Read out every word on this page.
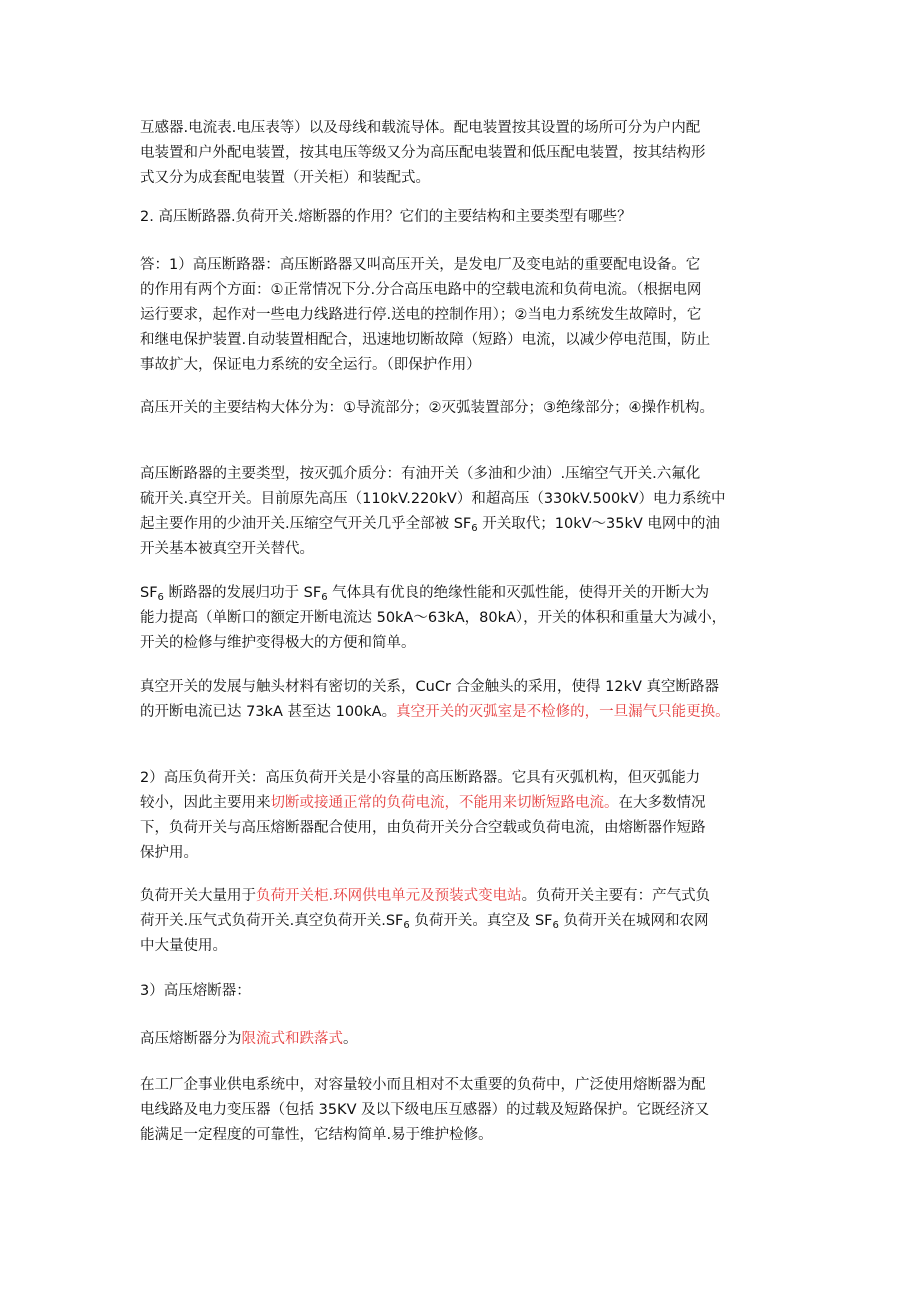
互感器.电流表.电压表等）以及母线和载流导体。配电装置按其设置的场所可分为户内配
电装置和户外配电装置，按其电压等级又分为高压配电装置和低压配电装置，按其结构形
式又分为成套配电装置（开关柜）和装配式。
2. 高压断路器.负荷开关.熔断器的作用？它们的主要结构和主要类型有哪些？
答：1）高压断路器：高压断路器又叫高压开关，是发电厂及变电站的重要配电设备。它
的作用有两个方面：①正常情况下分.分合高压电路中的空载电流和负荷电流。（根据电网
运行要求，起作对一些电力线路进行停.送电的控制作用）；②当电力系统发生故障时，它
和继电保护装置.自动装置相配合，迅速地切断故障（短路）电流，以减少停电范围，防止
事故扩大，保证电力系统的安全运行。（即保护作用）
高压开关的主要结构大体分为：①导流部分；②灭弧装置部分；③绝缘部分；④操作机构。
高压断路器的主要类型，按灭弧介质分：有油开关（多油和少油）.压缩空气开关.六氟化
硫开关.真空开关。目前原先高压（110kV.220kV）和超高压（330kV.500kV）电力系统中
起主要作用的少油开关.压缩空气开关几乎全部被 $SF_6$ 开关取代；10kV～35kV 电网中的油
开关基本被真空开关替代。
$SF_6$ 断路器的发展归功于 $SF_6$ 气体具有优良的绝缘性能和灭弧性能，使得开关的开断大为
能力提高（单断口的额定开断电流达 50kA～63kA，80kA），开关的体积和重量大为减小，
开关的检修与维护变得极大的方便和简单。
真空开关的发展与触头材料有密切的关系，CuCr 合金触头的采用，使得 12kV 真空断路器
的开断电流已达 73kA 甚至达 100kA。真空开关的灭弧室是不检修的，一旦漏气只能更换。
2）高压负荷开关：高压负荷开关是小容量的高压断路器。它具有灭弧机构，但灭弧能力
较小，因此主要用来切断或接通正常的负荷电流，不能用来切断短路电流。在大多数情况
下，负荷开关与高压熔断器配合使用，由负荷开关分合空载或负荷电流，由熔断器作短路
保护用。
负荷开关大量用于负荷开关柜.环网供电单元及预装式变电站。负荷开关主要有：产气式负
荷开关.压气式负荷开关.真空负荷开关$.SF_6$ 负荷开关。真空及 $SF_6$ 负荷开关在城网和农网
中大量使用。
3）高压熔断器：
高压熔断器分为限流式和跌落式。
在工厂企事业供电系统中，对容量较小而且相对不太重要的负荷中，广泛使用熔断器为配
电线路及电力变压器（包括 35KV 及以下级电压互感器）的过载及短路保护。它既经济又
能满足一定程度的可靠性，它结构简单.易于维护检修。
